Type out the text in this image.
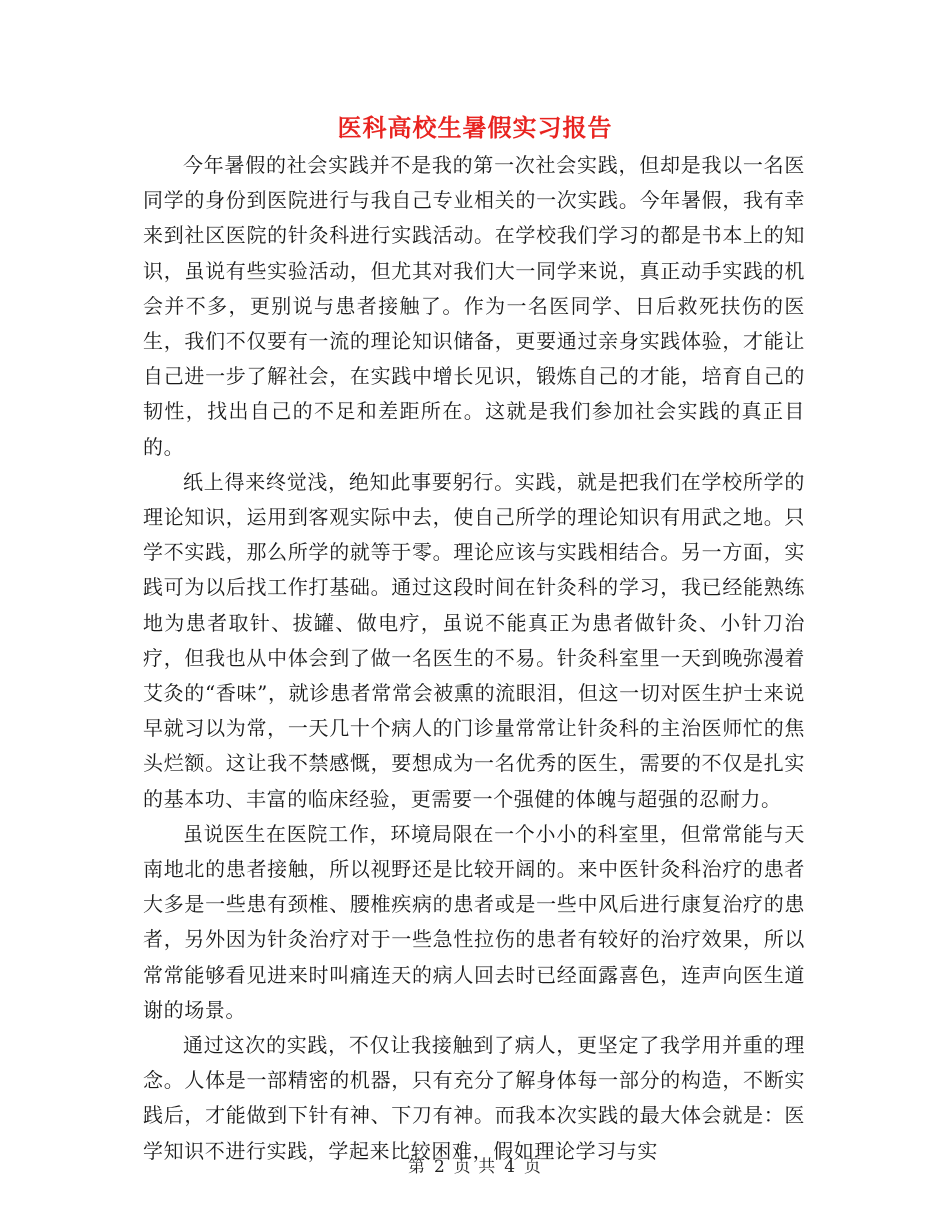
医科高校生暑假实习报告

今年暑假的社会实践并不是我的第一次社会实践，但却是我以一名医同学的身份到医院进行与我自己专业相关的一次实践。今年暑假，我有幸来到社区医院的针灸科进行实践活动。在学校我们学习的都是书本上的知识，虽说有些实验活动，但尤其对我们大一同学来说，真正动手实践的机会并不多，更别说与患者接触了。作为一名医同学、日后救死扶伤的医生，我们不仅要有一流的理论知识储备，更要通过亲身实践体验，才能让自己进一步了解社会，在实践中增长见识，锻炼自己的才能，培育自己的韧性，找出自己的不足和差距所在。这就是我们参加社会实践的真正目的。

纸上得来终觉浅，绝知此事要躬行。实践，就是把我们在学校所学的理论知识，运用到客观实际中去，使自己所学的理论知识有用武之地。只学不实践，那么所学的就等于零。理论应该与实践相结合。另一方面，实践可为以后找工作打基础。通过这段时间在针灸科的学习，我已经能熟练地为患者取针、拔罐、做电疗，虽说不能真正为患者做针灸、小针刀治疗，但我也从中体会到了做一名医生的不易。针灸科室里一天到晚弥漫着艾灸的“香味”，就诊患者常常会被熏的流眼泪，但这一切对医生护士来说早就习以为常，一天几十个病人的门诊量常常让针灸科的主治医师忙的焦头烂额。这让我不禁感慨，要想成为一名优秀的医生，需要的不仅是扎实的基本功、丰富的临床经验，更需要一个强健的体魄与超强的忍耐力。

虽说医生在医院工作，环境局限在一个小小的科室里，但常常能与天南地北的患者接触，所以视野还是比较开阔的。来中医针灸科治疗的患者大多是一些患有颈椎、腰椎疾病的患者或是一些中风后进行康复治疗的患者，另外因为针灸治疗对于一些急性拉伤的患者有较好的治疗效果，所以常常能够看见进来时叫痛连天的病人回去时已经面露喜色，连声向医生道谢的场景。

通过这次的实践，不仅让我接触到了病人，更坚定了我学用并重的理念。人体是一部精密的机器，只有充分了解身体每一部分的构造，不断实践后，才能做到下针有神、下刀有神。而我本次实践的最大体会就是：医学知识不进行实践，学起来比较困难，假如理论学习与实

第 2 页 共 4 页
